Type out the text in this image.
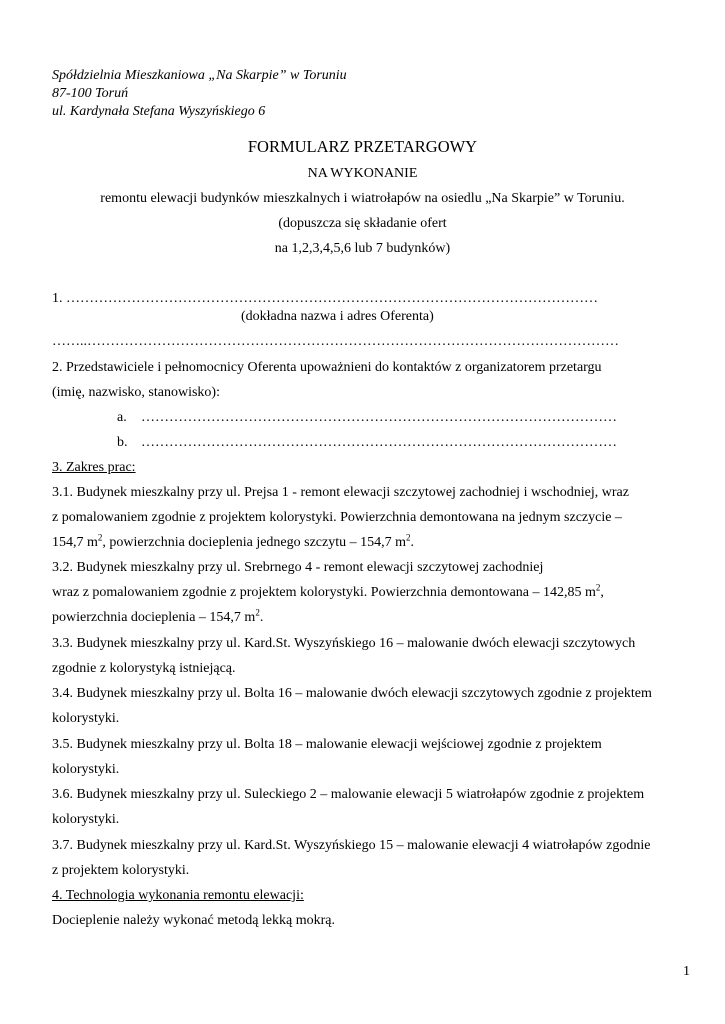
Spółdzielnia Mieszkaniowa „Na Skarpie” w Toruniu
87-100 Toruń
ul. Kardynała Stefana Wyszyńskiego 6
FORMULARZ PRZETARGOWY
NA WYKONANIE
remontu elewacji budynków mieszkalnych i wiatrołapów na osiedlu „Na Skarpie” w Toruniu.
(dopuszcza się składanie ofert
na 1,2,3,4,5,6 lub 7 budynków)
1. ……………………………………………………………………………………………………
(dokładna nazwa i adres Oferenta)
……..……………………………………………………………………………………………………
2. Przedstawiciele i pełnomocnicy Oferenta upoważnieni do kontaktów z organizatorem przetargu
(imię, nazwisko, stanowisko):
a. …………………………………………………………………………………………
b. …………………………………………………………………………………………
3. Zakres prac:
3.1. Budynek mieszkalny przy ul. Prejsa 1 - remont elewacji szczytowej zachodniej i wschodniej, wraz
z pomalowaniem zgodnie z projektem kolorystyki. Powierzchnia demontowana na jednym szczycie –
154,7 $m^2$, powierzchnia docieplenia jednego szczytu – 154,7 $m^2$.
3.2. Budynek mieszkalny przy ul. Srebrnego 4 - remont elewacji szczytowej zachodniej
wraz z pomalowaniem zgodnie z projektem kolorystyki. Powierzchnia demontowana – 142,85 $m^2$,
powierzchnia docieplenia – 154,7 $m^2$.
3.3. Budynek mieszkalny przy ul. Kard.St. Wyszyńskiego 16 – malowanie dwóch elewacji szczytowych
zgodnie z kolorystyką istniejącą.
3.4. Budynek mieszkalny przy ul. Bolta 16 – malowanie dwóch elewacji szczytowych zgodnie z projektem
kolorystyki.
3.5. Budynek mieszkalny przy ul. Bolta 18 – malowanie elewacji wejściowej zgodnie z projektem
kolorystyki.
3.6. Budynek mieszkalny przy ul. Suleckiego 2 – malowanie elewacji 5 wiatrołapów zgodnie z projektem
kolorystyki.
3.7. Budynek mieszkalny przy ul. Kard.St. Wyszyńskiego 15 – malowanie elewacji 4 wiatrołapów zgodnie
z projektem kolorystyki.
4. Technologia wykonania remontu elewacji:
Docieplenie należy wykonać metodą lekką mokrą.
1
